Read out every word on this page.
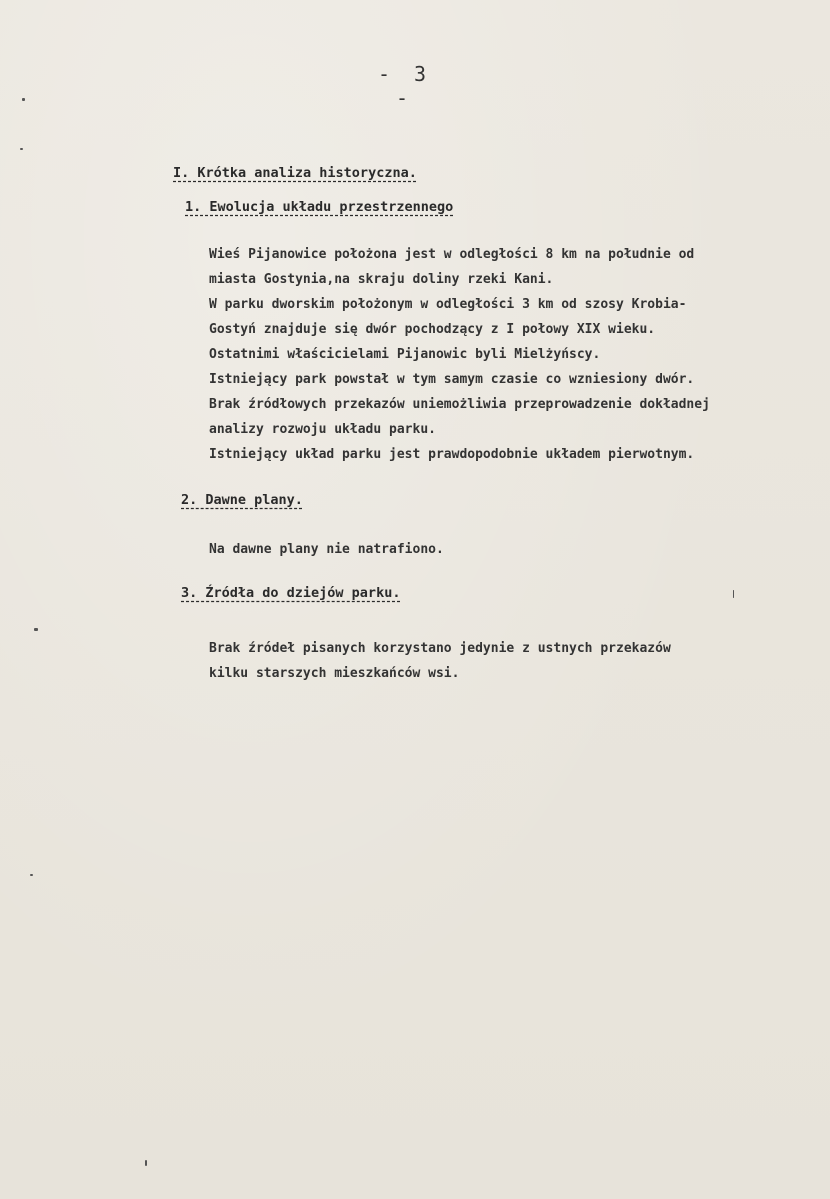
- 3 -
I. Krótka analiza historyczna.
1. Ewolucja układu przestrzennego
Wieś Pijanowice położona jest w odległości 8 km na południe od
miasta Gostynia,na skraju doliny rzeki Kani.
W parku dworskim położonym w odległości 3 km od szosy Krobia-
Gostyń znajduje się dwór pochodzący z I połowy XIX wieku.
Ostatnimi właścicielami Pijanowic byli Mielżyńscy.
Istniejący park powstał w tym samym czasie co wzniesiony dwór.
Brak źródłowych przekazów uniemożliwia przeprowadzenie dokładnej
analizy rozwoju układu parku.
Istniejący układ parku jest prawdopodobnie układem pierwotnym.
2. Dawne plany.
Na dawne plany nie natrafiono.
3. Źródła do dziejów parku.
Brak źródeł pisanych korzystano jedynie z ustnych przekazów
kilku starszych mieszkańców wsi.
